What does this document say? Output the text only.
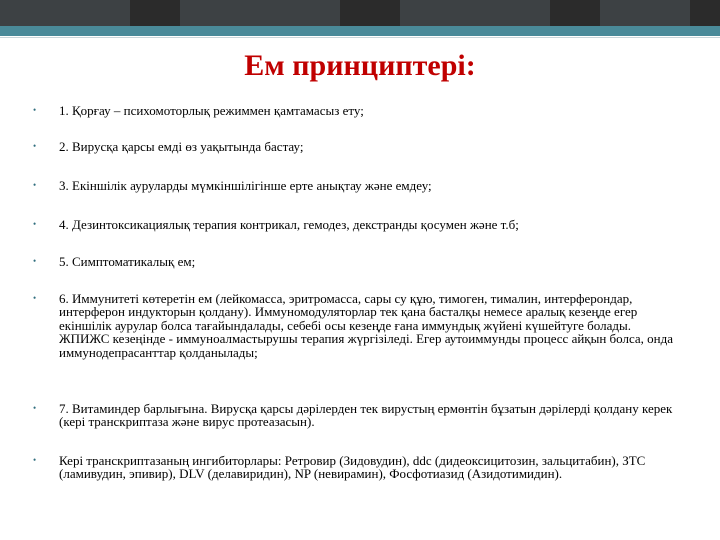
Ем принциптері:
• 1. Қорғау – психомоторлық режиммен қамтамасыз ету;
• 2. Вирусқа қарсы емді өз уақытында бастау;
• 3. Екіншілік ауруларды мүмкіншілігінше ерте анықтау және емдеу;
• 4. Дезинтоксикациялық терапия контрикал, гемодез, декстранды қосумен және т.б;
• 5. Симптоматикалық ем;
• 6. Иммунитеті көтеретін ем (лейкомасса, эритромасса, сары су құю, тимоген, тималин, интерферондар, интерферон индукторын қолдану). Иммуномодуляторлар тек қана басталқы немесе аралық кезеңде егер екіншілік аурулар болса тағайындалады, себебі осы кезеңде ғана иммундық жүйені күшейтуге болады. ЖПИЖС кезеңінде - иммуноалмастырушы терапия жүргізіледі. Егер аутоиммунды процесс айқын болса, онда иммунодепрасанттар қолданылады;
• 7. Витаминдер барлығына. Вирусқа қарсы дәрілерден тек вирустың ермөнтін бұзатын дәрілерді қолдану керек (кері транскриптаза және вирус протеазасын).
• Кері транскриптазаның ингибиторлары: Ретровир (Зидовудин), ddc (дидеоксицитозин, зальцитабин), ЗТС (ламивудин, эпивир), DLV (делавиридин), NP (невирамин), Фосфотиазид (Азидотимидин).
